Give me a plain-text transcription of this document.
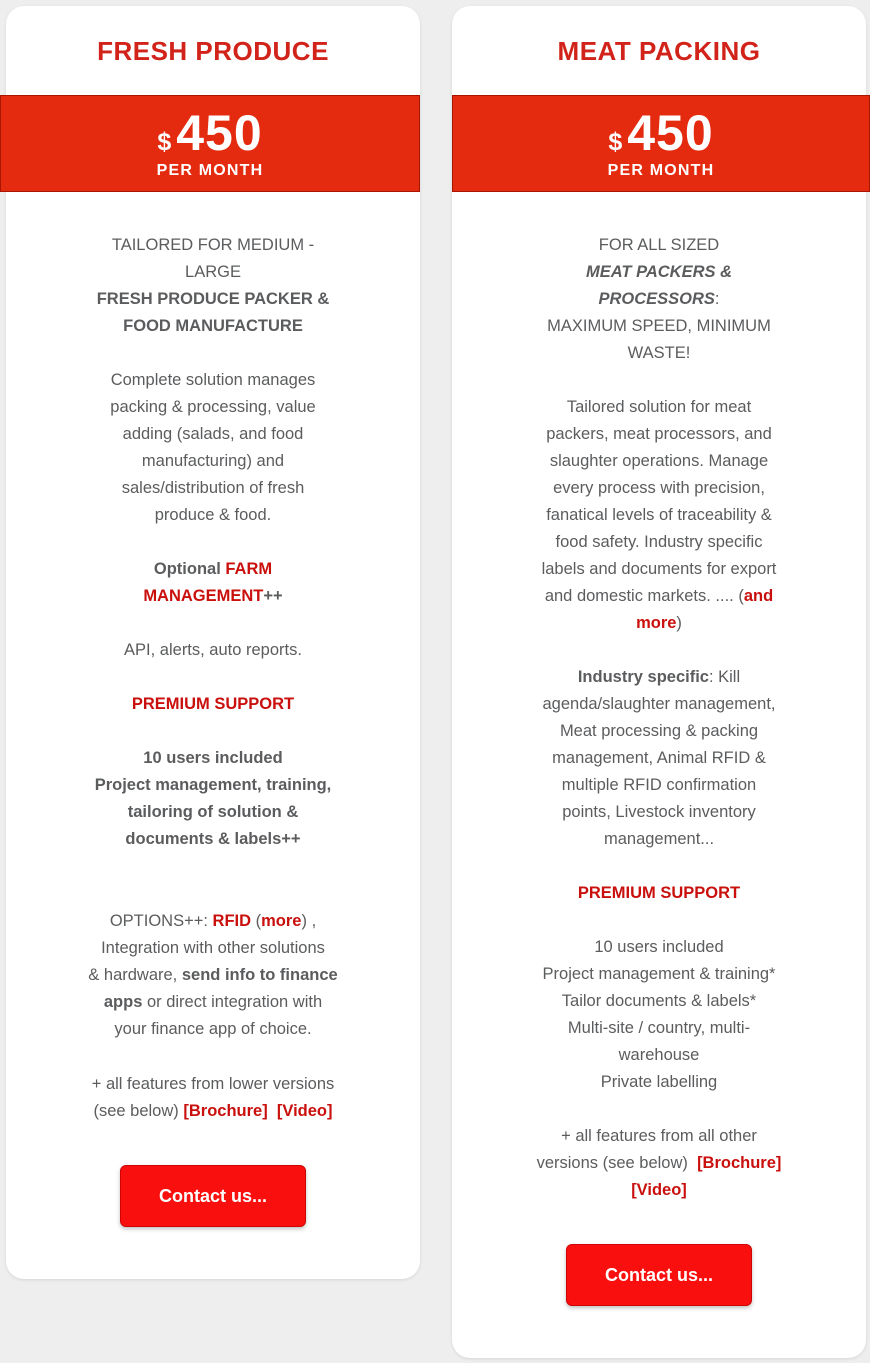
FRESH PRODUCE
$ 450
PER MONTH
TAILORED FOR MEDIUM -
LARGE
FRESH PRODUCE PACKER &
FOOD MANUFACTURE
Complete solution manages
packing & processing, value
adding (salads, and food
manufacturing) and
sales/distribution of fresh
produce & food.
Optional FARM
MANAGEMENT++
API, alerts, auto reports.
PREMIUM SUPPORT
10 users included
Project management, training,
tailoring of solution &
documents & labels++
OPTIONS++: RFID (more) ,
Integration with other solutions
& hardware, send info to finance
apps or direct integration with
your finance app of choice.
+ all features from lower versions
(see below) [Brochure] [Video]
Contact us...
MEAT PACKING
$ 450
PER MONTH
FOR ALL SIZED
MEAT PACKERS &
PROCESSORS:
MAXIMUM SPEED, MINIMUM
WASTE!
Tailored solution for meat
packers, meat processors, and
slaughter operations. Manage
every process with precision,
fanatical levels of traceability &
food safety. Industry specific
labels and documents for export
and domestic markets. .... (and
more)
Industry specific: Kill
agenda/slaughter management,
Meat processing & packing
management, Animal RFID &
multiple RFID confirmation
points, Livestock inventory
management...
PREMIUM SUPPORT
10 users included
Project management & training*
Tailor documents & labels*
Multi-site / country, multi-
warehouse
Private labelling
+ all features from all other
versions (see below)  [Brochure]
[Video]
Contact us...
